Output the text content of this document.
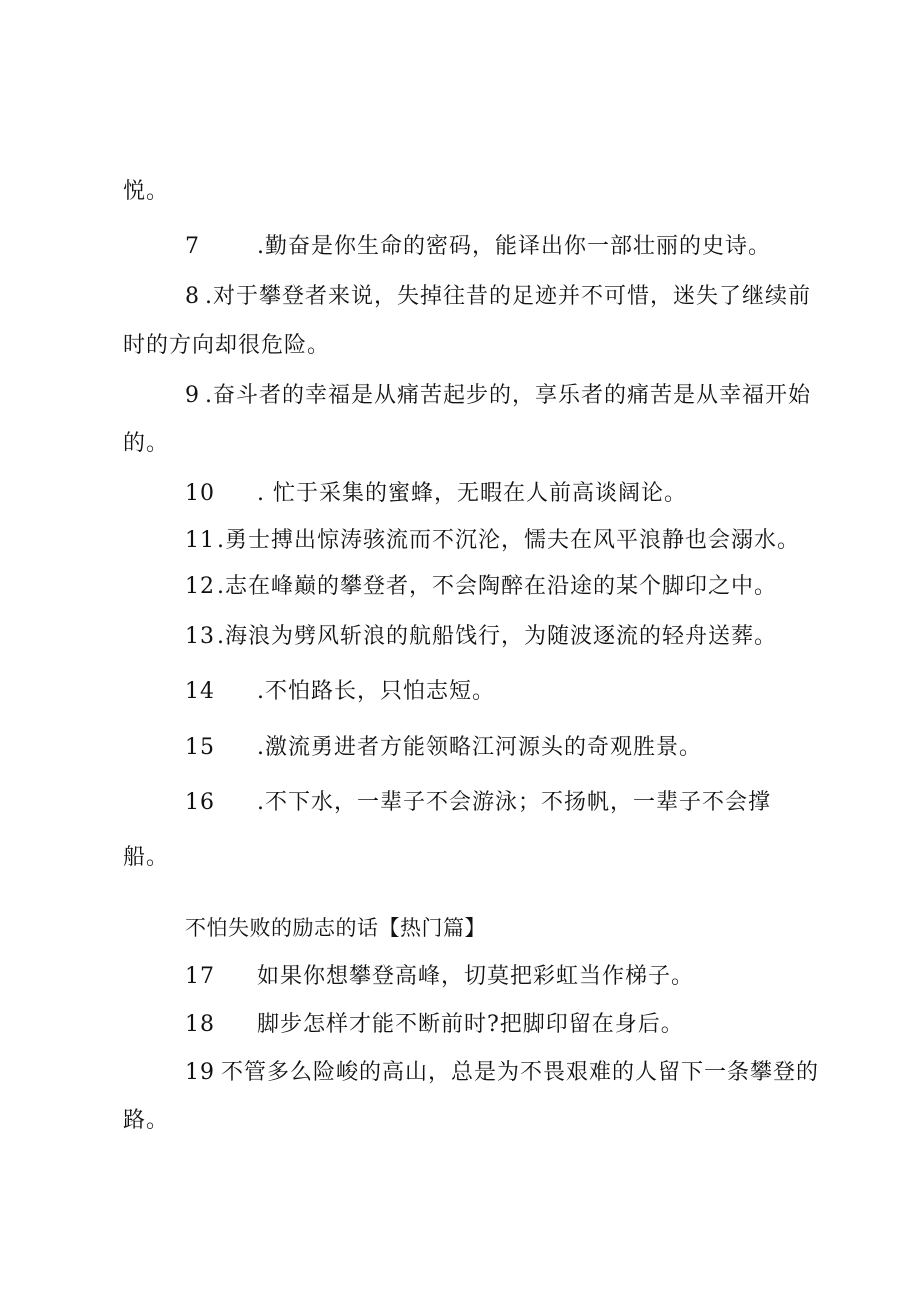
悦。
7	.勤奋是你生命的密码，能译出你一部壮丽的史诗。
8 .对于攀登者来说，失掉往昔的足迹并不可惜，迷失了继续前
时的方向却很危险。
9 .奋斗者的幸福是从痛苦起步的，享乐者的痛苦是从幸福开始
的。
10 . 忙于采集的蜜蜂，无暇在人前高谈阔论。
11.勇士搏出惊涛骇流而不沉沦，懦夫在风平浪静也会溺水。
12.志在峰巅的攀登者，不会陶醉在沿途的某个脚印之中。
13.海浪为劈风斩浪的航船饯行，为随波逐流的轻舟送葬。
14 .不怕路长，只怕志短。
15 .激流勇进者方能领略江河源头的奇观胜景。
16 .不下水，一辈子不会游泳；不扬帆，一辈子不会撑
船。
不怕失败的励志的话【热门篇】
17 如果你想攀登高峰，切莫把彩虹当作梯子。
18 脚步怎样才能不断前时?把脚印留在身后。
19 不管多么险峻的高山，总是为不畏艰难的人留下一条攀登的
路。
